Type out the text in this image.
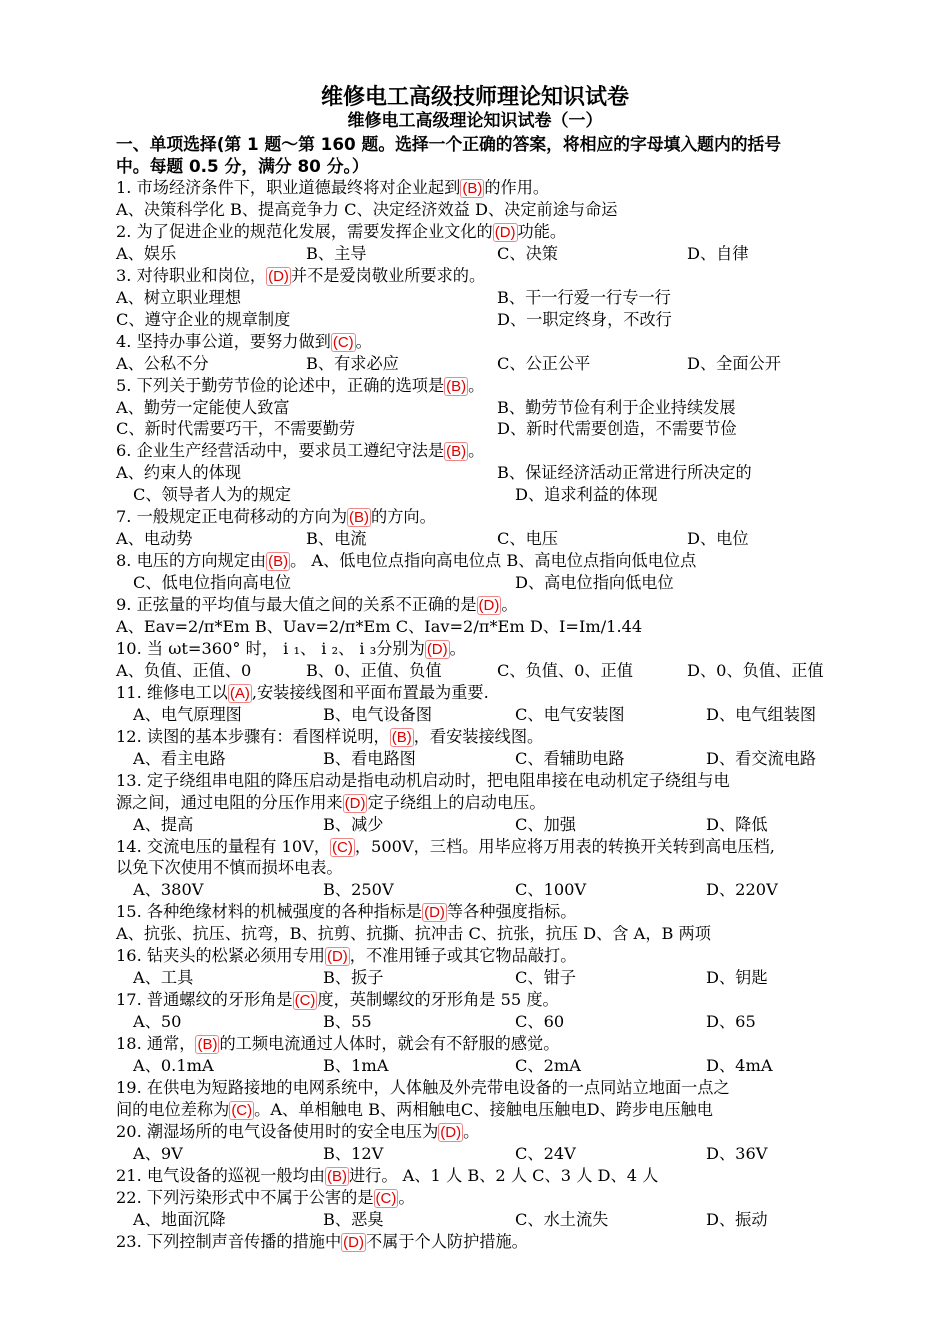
维修电工高级技师理论知识试卷
维修电工高级理论知识试卷（一）
一、单项选择(第 1 题～第 160 题。选择一个正确的答案，将相应的字母填入题内的括号
中。每题 0.5 分，满分 80 分。）
1. 市场经济条件下，职业道德最终将对企业起到 (B) 的作用。
A、决策科学化 B、提高竞争力 C、决定经济效益 D、决定前途与命运
2. 为了促进企业的规范化发展，需要发挥企业文化的 (D) 功能。
A、娱乐	B、主导	C、决策	D、自律
3. 对待职业和岗位， (D) 并不是爱岗敬业所要求的。
A、树立职业理想	B、干一行爱一行专一行
C、遵守企业的规章制度	D、一职定终身，不改行
4. 坚持办事公道，要努力做到 (C) 。
A、公私不分	B、有求必应	C、公正公平	D、全面公开
5. 下列关于勤劳节俭的论述中，正确的选项是 (B) 。
A、勤劳一定能使人致富	B、勤劳节俭有利于企业持续发展
C、新时代需要巧干，不需要勤劳	D、新时代需要创造，不需要节俭
6. 企业生产经营活动中，要求员工遵纪守法是 (B) 。
A、约束人的体现	B、保证经济活动正常进行所决定的
C、领导者人为的规定	D、追求利益的体现
7. 一般规定正电荷移动的方向为 (B) 的方向。
A、电动势	B、电流	C、电压	D、电位
8. 电压的方向规定由 (B) 。 A、低电位点指向高电位点 B、高电位点指向低电位点
C、低电位指向高电位	D、高电位指向低电位
9. 正弦量的平均值与最大值之间的关系不正确的是 (D) 。
A、Eav=2/π*Em B、Uav=2/π*Em C、Iav=2/π*Em D、I=Im/1.44
10. 当 ωt=360° 时， i ₁、 i ₂、 i ₃分别为 (D) 。
A、负值、正值、0	B、0、正值、负值	C、负值、0、正值	D、0、负值、正值
11. 维修电工以 (A) ,安装接线图和平面布置最为重要.
A、电气原理图	B、电气设备图	C、电气安装图	D、电气组装图
12. 读图的基本步骤有：看图样说明， (B) ，看安装接线图。
A、看主电路	B、看电路图	C、看辅助电路	D、看交流电路
13. 定子绕组串电阻的降压启动是指电动机启动时，把电阻串接在电动机定子绕组与电
源之间，通过电阻的分压作用来 (D) 定子绕组上的启动电压。
A、提高	B、减少	C、加强	D、降低
14. 交流电压的量程有 10V， (C) ，500V，三档。用毕应将万用表的转换开关转到高电压档,
以免下次使用不慎而损坏电表。
A、380V	B、250V	C、100V	D、220V
15. 各种绝缘材料的机械强度的各种指标是 (D) 等各种强度指标。
A、抗张、抗压、抗弯，B、抗剪、抗撕、抗冲击 C、抗张，抗压 D、含 A，B 两项
16. 钻夹头的松紧必须用专用 (D) ，不准用锤子或其它物品敲打。
A、工具	B、扳子	C、钳子	D、钥匙
17. 普通螺纹的牙形角是 (C) 度，英制螺纹的牙形角是 55 度。
A、50	B、55	C、60	D、65
18. 通常， (B) 的工频电流通过人体时，就会有不舒服的感觉。
A、0.1mA	B、1mA	C、2mA	D、4mA
19. 在供电为短路接地的电网系统中，人体触及外壳带电设备的一点同站立地面一点之
间的电位差称为 (C) 。A、单相触电 B、两相触电C、接触电压触电D、跨步电压触电
20. 潮湿场所的电气设备使用时的安全电压为 (D) 。
A、9V	B、12V	C、24V	D、36V
21. 电气设备的巡视一般均由 (B) 进行。 A、1 人 B、2 人 C、3 人 D、4 人
22. 下列污染形式中不属于公害的是 (C) 。
A、地面沉降	B、恶臭	C、水土流失	D、振动
23. 下列控制声音传播的措施中 (D) 不属于个人防护措施。
